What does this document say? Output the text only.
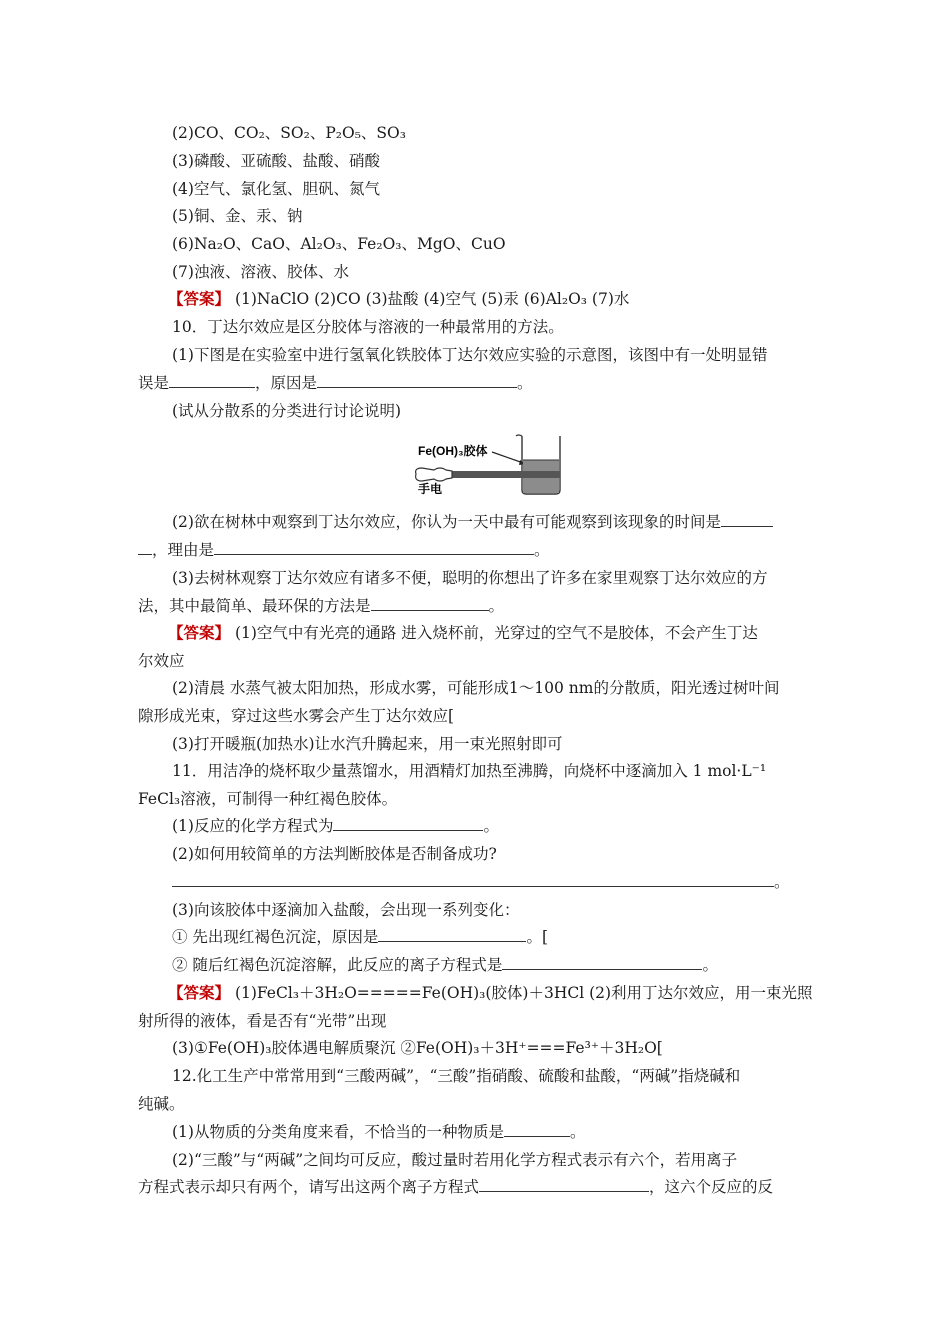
(2)CO、CO₂、SO₂、P₂O₅、SO₃
(3)磷酸、亚硫酸、盐酸、硝酸
(4)空气、氯化氢、胆矾、氮气
(5)铜、金、汞、钠
(6)Na₂O、CaO、Al₂O₃、Fe₂O₃、MgO、CuO
(7)浊液、溶液、胶体、水
【答案】 (1)NaClO (2)CO (3)盐酸 (4)空气 (5)汞 (6)Al₂O₃ (7)水
10．丁达尔效应是区分胶体与溶液的一种最常用的方法。
(1)下图是在实验室中进行氢氧化铁胶体丁达尔效应实验的示意图，该图中有一处明显错
误是	，原因是	。
(试从分散系的分类进行讨论说明)
Fe(OH)₃胶体
手电
(2)欲在树林中观察到丁达尔效应，你认为一天中最有可能观察到该现象的时间是
，理由是	。
(3)去树林观察丁达尔效应有诸多不便，聪明的你想出了许多在家里观察丁达尔效应的方
法，其中最简单、最环保的方法是	。
【答案】 (1)空气中有光亮的通路 进入烧杯前，光穿过的空气不是胶体，不会产生丁达
尔效应
(2)清晨 水蒸气被太阳加热，形成水雾，可能形成1～100 nm的分散质，阳光透过树叶间
隙形成光束，穿过这些水雾会产生丁达尔效应[
(3)打开暖瓶(加热水)让水汽升腾起来，用一束光照射即可
11．用洁净的烧杯取少量蒸馏水，用酒精灯加热至沸腾，向烧杯中逐滴加入 1 mol·L⁻¹
FeCl₃溶液，可制得一种红褐色胶体。
(1)反应的化学方程式为	。
(2)如何用较简单的方法判断胶体是否制备成功?
。
(3)向该胶体中逐滴加入盐酸，会出现一系列变化：
① 先出现红褐色沉淀，原因是	。[
② 随后红褐色沉淀溶解，此反应的离子方程式是	。
【答案】 (1)FeCl₃＋3H₂O=====Fe(OH)₃(胶体)＋3HCl (2)利用丁达尔效应，用一束光照
射所得的液体，看是否有“光带”出现
(3)①Fe(OH)₃胶体遇电解质聚沉 ②Fe(OH)₃＋3H⁺===Fe³⁺＋3H₂O[
12.化工生产中常常用到“三酸两碱”，“三酸”指硝酸、硫酸和盐酸，“两碱”指烧碱和
纯碱。
(1)从物质的分类角度来看，不恰当的一种物质是	。
(2)“三酸”与“两碱”之间均可反应，酸过量时若用化学方程式表示有六个，若用离子
方程式表示却只有两个，请写出这两个离子方程式	，这六个反应的反
